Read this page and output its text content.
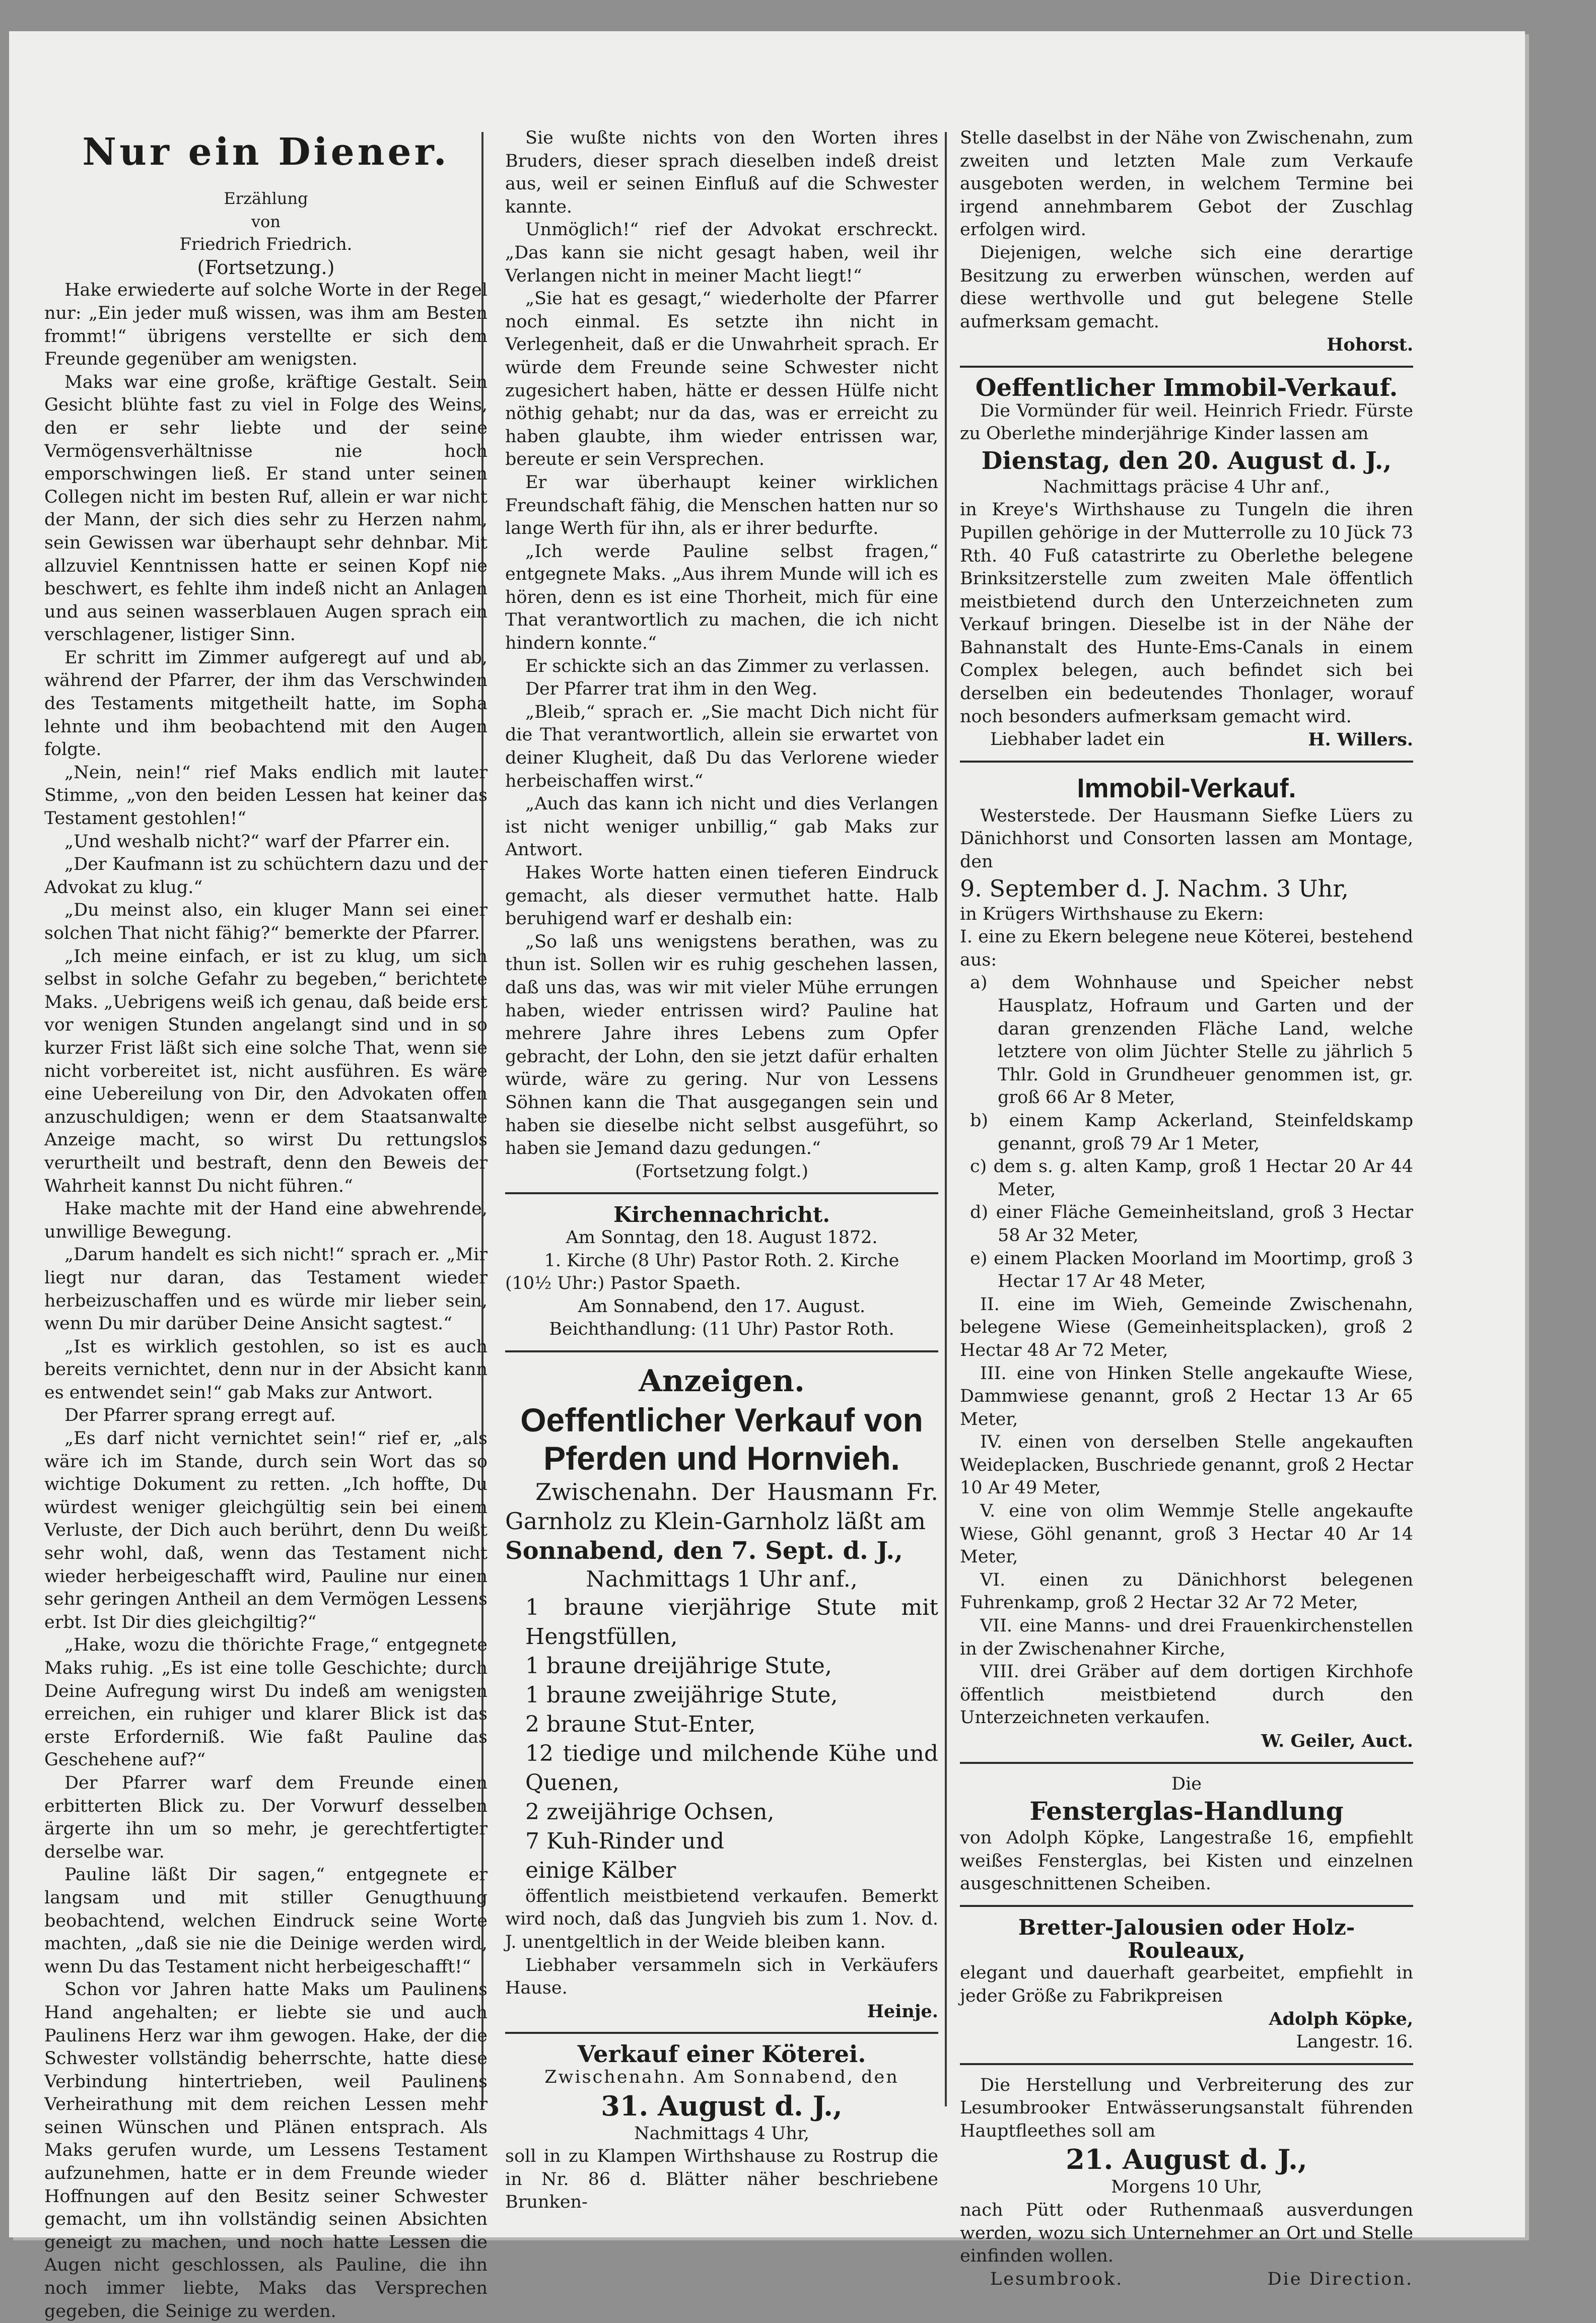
Nur ein Diener.

Erzählung

von

Friedrich Friedrich.

(Fortsetzung.)

Hake erwiederte auf solche Worte in der Regel nur: „Ein jeder muß wissen, was ihm am Besten frommt!“ übrigens verstellte er sich dem Freunde gegenüber am wenigsten.

Maks war eine große, kräftige Gestalt. Sein Gesicht blühte fast zu viel in Folge des Weins, den er sehr liebte und der seine Vermögensverhältnisse nie hoch emporschwingen ließ. Er stand unter seinen Collegen nicht im besten Ruf, allein er war nicht der Mann, der sich dies sehr zu Herzen nahm, sein Gewissen war überhaupt sehr dehnbar. Mit allzuviel Kenntnissen hatte er seinen Kopf nie beschwert, es fehlte ihm indeß nicht an Anlagen und aus seinen wasserblauen Augen sprach ein verschlagener, listiger Sinn.

Er schritt im Zimmer aufgeregt auf und ab, während der Pfarrer, der ihm das Verschwinden des Testaments mitgetheilt hatte, im Sopha lehnte und ihm beobachtend mit den Augen folgte.

„Nein, nein!“ rief Maks endlich mit lauter Stimme, „von den beiden Lessen hat keiner das Testament gestohlen!“

„Und weshalb nicht?“ warf der Pfarrer ein.

„Der Kaufmann ist zu schüchtern dazu und der Advokat zu klug.“

„Du meinst also, ein kluger Mann sei einer solchen That nicht fähig?“ bemerkte der Pfarrer.

„Ich meine einfach, er ist zu klug, um sich selbst in solche Gefahr zu begeben,“ berichtete Maks. „Uebrigens weiß ich genau, daß beide erst vor wenigen Stunden angelangt sind und in so kurzer Frist läßt sich eine solche That, wenn sie nicht vorbereitet ist, nicht ausführen. Es wäre eine Uebereilung von Dir, den Advokaten offen anzuschuldigen; wenn er dem Staatsanwalte Anzeige macht, so wirst Du rettungslos verurtheilt und bestraft, denn den Beweis der Wahrheit kannst Du nicht führen.“

Hake machte mit der Hand eine abwehrende, unwillige Bewegung.

„Darum handelt es sich nicht!“ sprach er. „Mir liegt nur daran, das Testament wieder herbeizuschaffen und es würde mir lieber sein, wenn Du mir darüber Deine Ansicht sagtest.“

„Ist es wirklich gestohlen, so ist es auch bereits vernichtet, denn nur in der Absicht kann es entwendet sein!“ gab Maks zur Antwort.

Der Pfarrer sprang erregt auf.

„Es darf nicht vernichtet sein!“ rief er, „als wäre ich im Stande, durch sein Wort das so wichtige Dokument zu retten. „Ich hoffte, Du würdest weniger gleichgültig sein bei einem Verluste, der Dich auch berührt, denn Du weißt sehr wohl, daß, wenn das Testament nicht wieder herbeigeschafft wird, Pauline nur einen sehr geringen Antheil an dem Vermögen Lessens erbt. Ist Dir dies gleichgiltig?“

„Hake, wozu die thörichte Frage,“ entgegnete Maks ruhig. „Es ist eine tolle Geschichte; durch Deine Aufregung wirst Du indeß am wenigsten erreichen, ein ruhiger und klarer Blick ist das erste Erforderniß. Wie faßt Pauline das Geschehene auf?“

Der Pfarrer warf dem Freunde einen erbitterten Blick zu. Der Vorwurf desselben ärgerte ihn um so mehr, je gerechtfertigter derselbe war.

Pauline läßt Dir sagen,“ entgegnete er langsam und mit stiller Genugthuung beobachtend, welchen Eindruck seine Worte machten, „daß sie nie die Deinige werden wird, wenn Du das Testament nicht herbeigeschafft!“

Schon vor Jahren hatte Maks um Paulinens Hand angehalten; er liebte sie und auch Paulinens Herz war ihm gewogen. Hake, der die Schwester vollständig beherrschte, hatte diese Verbindung hintertrieben, weil Paulinens Verheirathung mit dem reichen Lessen mehr seinen Wünschen und Plänen entsprach. Als Maks gerufen wurde, um Lessens Testament aufzunehmen, hatte er in dem Freunde wieder Hoffnungen auf den Besitz seiner Schwester gemacht, um ihn vollständig seinen Absichten geneigt zu machen, und noch hatte Lessen die Augen nicht geschlossen, als Pauline, die ihn noch immer liebte, Maks das Versprechen gegeben, die Seinige zu werden.

Sie wußte nichts von den Worten ihres Bruders, dieser sprach dieselben indeß dreist aus, weil er seinen Einfluß auf die Schwester kannte.

Unmöglich!“ rief der Advokat erschreckt. „Das kann sie nicht gesagt haben, weil ihr Verlangen nicht in meiner Macht liegt!“

„Sie hat es gesagt,“ wiederholte der Pfarrer noch einmal. Es setzte ihn nicht in Verlegenheit, daß er die Unwahrheit sprach. Er würde dem Freunde seine Schwester nicht zugesichert haben, hätte er dessen Hülfe nicht nöthig gehabt; nur da das, was er erreicht zu haben glaubte, ihm wieder entrissen war, bereute er sein Versprechen.

Er war überhaupt keiner wirklichen Freundschaft fähig, die Menschen hatten nur so lange Werth für ihn, als er ihrer bedurfte.

„Ich werde Pauline selbst fragen,“ entgegnete Maks. „Aus ihrem Munde will ich es hören, denn es ist eine Thorheit, mich für eine That verantwortlich zu machen, die ich nicht hindern konnte.“

Er schickte sich an das Zimmer zu verlassen.

Der Pfarrer trat ihm in den Weg.

„Bleib,“ sprach er. „Sie macht Dich nicht für die That verantwortlich, allein sie erwartet von deiner Klugheit, daß Du das Verlorene wieder herbeischaffen wirst.“

„Auch das kann ich nicht und dies Verlangen ist nicht weniger unbillig,“ gab Maks zur Antwort.

Hakes Worte hatten einen tieferen Eindruck gemacht, als dieser vermuthet hatte. Halb beruhigend warf er deshalb ein:

„So laß uns wenigstens berathen, was zu thun ist. Sollen wir es ruhig geschehen lassen, daß uns das, was wir mit vieler Mühe errungen haben, wieder entrissen wird? Pauline hat mehrere Jahre ihres Lebens zum Opfer gebracht, der Lohn, den sie jetzt dafür erhalten würde, wäre zu gering. Nur von Lessens Söhnen kann die That ausgegangen sein und haben sie dieselbe nicht selbst ausgeführt, so haben sie Jemand dazu gedungen.“

(Fortsetzung folgt.)

Kirchennachricht.

Am Sonntag, den 18. August 1872.

1. Kirche (8 Uhr) Pastor Roth. 2. Kirche

(10½ Uhr:) Pastor Spaeth.

Am Sonnabend, den 17. August.

Beichthandlung: (11 Uhr) Pastor Roth.

Anzeigen.
Oeffentlicher Verkauf von Pferden und Hornvieh.

Zwischenahn. Der Hausmann Fr. Garnholz zu Klein-Garnholz läßt am

Sonnabend, den 7. Sept. d. J.,

Nachmittags 1 Uhr anf.,

1 braune vierjährige Stute mit Hengstfüllen,

1 braune dreijährige Stute,

1 braune zweijährige Stute,

2 braune Stut-Enter,

12 tiedige und milchende Kühe und Quenen,

2 zweijährige Ochsen,

7 Kuh-Rinder und

einige Kälber

öffentlich meistbietend verkaufen. Bemerkt wird noch, daß das Jungvieh bis zum 1. Nov. d. J. unentgeltlich in der Weide bleiben kann.

Liebhaber versammeln sich in Verkäufers Hause.

Heinje.

Verkauf einer Köterei.

Zwischenahn. Am Sonnabend, den

31. August d. J.,

Nachmittags 4 Uhr,

soll in zu Klampen Wirthshause zu Rostrup die in Nr. 86 d. Blätter näher beschriebene Brunken-

Stelle daselbst in der Nähe von Zwischenahn, zum zweiten und letzten Male zum Verkaufe ausgeboten werden, in welchem Termine bei irgend annehmbarem Gebot der Zuschlag erfolgen wird.

Diejenigen, welche sich eine derartige Besitzung zu erwerben wünschen, werden auf diese werthvolle und gut belegene Stelle aufmerksam gemacht.

Hohorst.

Oeffentlicher Immobil-Verkauf.

Die Vormünder für weil. Heinrich Friedr. Fürste zu Oberlethe minderjährige Kinder lassen am

Dienstag, den 20. August d. J.,

Nachmittags präcise 4 Uhr anf.,

in Kreye's Wirthshause zu Tungeln die ihren Pupillen gehörige in der Mutterrolle zu 10 Jück 73 Rth. 40 Fuß catastrirte zu Oberlethe belegene Brinksitzerstelle zum zweiten Male öffentlich meistbietend durch den Unterzeichneten zum Verkauf bringen. Dieselbe ist in der Nähe der Bahnanstalt des Hunte-Ems-Canals in einem Complex belegen, auch befindet sich bei derselben ein bedeutendes Thonlager, worauf noch besonders aufmerksam gemacht wird.

Liebhaber ladet ein	H. Willers.

Immobil-Verkauf.

Westerstede. Der Hausmann Siefke Lüers zu Dänichhorst und Consorten lassen am Montage, den

9. September d. J. Nachm. 3 Uhr,

in Krügers Wirthshause zu Ekern:

I. eine zu Ekern belegene neue Köterei, bestehend aus:

a) dem Wohnhause und Speicher nebst Hausplatz, Hofraum und Garten und der daran grenzenden Fläche Land, welche letztere von olim Jüchter Stelle zu jährlich 5 Thlr. Gold in Grundheuer genommen ist, gr. groß 66 Ar 8 Meter,

b) einem Kamp Ackerland, Steinfeldskamp genannt, groß 79 Ar 1 Meter,

c) dem s. g. alten Kamp, groß 1 Hectar 20 Ar 44 Meter,

d) einer Fläche Gemeinheitsland, groß 3 Hectar 58 Ar 32 Meter,

e) einem Placken Moorland im Moortimp, groß 3 Hectar 17 Ar 48 Meter,

II. eine im Wieh, Gemeinde Zwischenahn, belegene Wiese (Gemeinheitsplacken), groß 2 Hectar 48 Ar 72 Meter,

III. eine von Hinken Stelle angekaufte Wiese, Dammwiese genannt, groß 2 Hectar 13 Ar 65 Meter,

IV. einen von derselben Stelle angekauften Weideplacken, Buschriede genannt, groß 2 Hectar 10 Ar 49 Meter,

V. eine von olim Wemmje Stelle angekaufte Wiese, Göhl genannt, groß 3 Hectar 40 Ar 14 Meter,

VI. einen zu Dänichhorst belegenen Fuhrenkamp, groß 2 Hectar 32 Ar 72 Meter,

VII. eine Manns- und drei Frauenkirchenstellen in der Zwischenahner Kirche,

VIII. drei Gräber auf dem dortigen Kirchhofe öffentlich meistbietend durch den Unterzeichneten verkaufen.

W. Geiler, Auct.

Die

Fensterglas-Handlung

von Adolph Köpke, Langestraße 16, empfiehlt weißes Fensterglas, bei Kisten und einzelnen ausgeschnittenen Scheiben.

Bretter-Jalousien oder Holz-Rouleaux,

elegant und dauerhaft gearbeitet, empfiehlt in jeder Größe zu Fabrikpreisen

Adolph Köpke,

Langestr. 16.

Die Herstellung und Verbreiterung des zur Lesumbrooker Entwässerungsanstalt führenden Hauptfleethes soll am

21. August d. J.,

Morgens 10 Uhr,

nach Pütt oder Ruthenmaaß ausverdungen werden, wozu sich Unternehmer an Ort und Stelle einfinden wollen.

Lesumbrook.	Die Direction.
